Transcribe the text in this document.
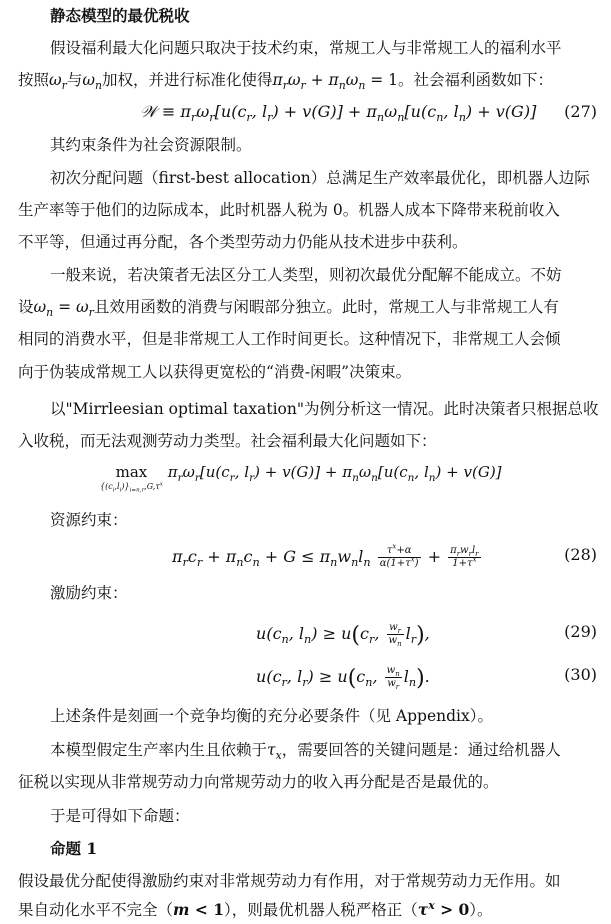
静态模型的最优税收
假设福利最大化问题只取决于技术约束，常规工人与非常规工人的福利水平
按照$\omega_r$与$\omega_n$加权，并进行标准化使得$\pi_r\omega_r + \pi_n\omega_n = 1$。社会福利函数如下：
𝒲 ≡ $\pi_r\omega_r[u(c_r$, $l_r) + v(G)] + \pi_n\omega_n[u(c_n$, $l_n) + v(G)$] (27)
其约束条件为社会资源限制。
初次分配问题（first-best allocation）总满足生产效率最优化，即机器人边际
生产率等于他们的边际成本，此时机器人税为 0。机器人成本下降带来税前收入
不平等，但通过再分配，各个类型劳动力仍能从技术进步中获利。
一般来说，若决策者无法区分工人类型，则初次最优分配解不能成立。不妨
设$\omega_n = \omega_r$且效用函数的消费与闲暇部分独立。此时，常规工人与非常规工人有
相同的消费水平，但是非常规工人工作时间更长。这种情况下，非常规工人会倾
向于伪装成常规工人以获得更宽松的“消费-闲暇”决策束。
以"Mirrleesian optimal taxation"为例分析这一情况。此时决策者只根据总收
入收税，而无法观测劳动力类型。社会福利最大化问题如下：
max
$\{(c_i,l_i)\}_{i=n,r},G,\tau^x$
$\pi_r\omega_r[u(c_r$, $l_r) + v(G)] + \pi_n\omega_n[u(c_n$, $l_n) + v(G)$]
资源约束：
$\pi_rc_r + \pi_nc_n + G \le \pi_nw_nl_n \frac{\tau^x+\alpha}{\alpha(1+\tau^x)} + \frac{\pi_rw_rl_r}{1+\tau^x}$	(28)
激励约束：
$u(c_n$, $l_n) \ge u(c_r$, $\frac{w_r}{w_n} l_r$),	(29)
$u(c_r$, $l_r) \ge u(c_n$, $\frac{w_n}{w_r} l_n$).	(30)
上述条件是刻画一个竞争均衡的充分必要条件（见 Appendix）。
本模型假定生产率内生且依赖于$\tau_x$，需要回答的关键问题是：通过给机器人
征税以实现从非常规劳动力向常规劳动力的收入再分配是否是最优的。
于是可得如下命题：
命题 1
假设最优分配使得激励约束对非常规劳动力有作用，对于常规劳动力无作用。如
果自动化水平不完全（m < 1），则最优机器人税严格正$(\tau^x > 0)$。
